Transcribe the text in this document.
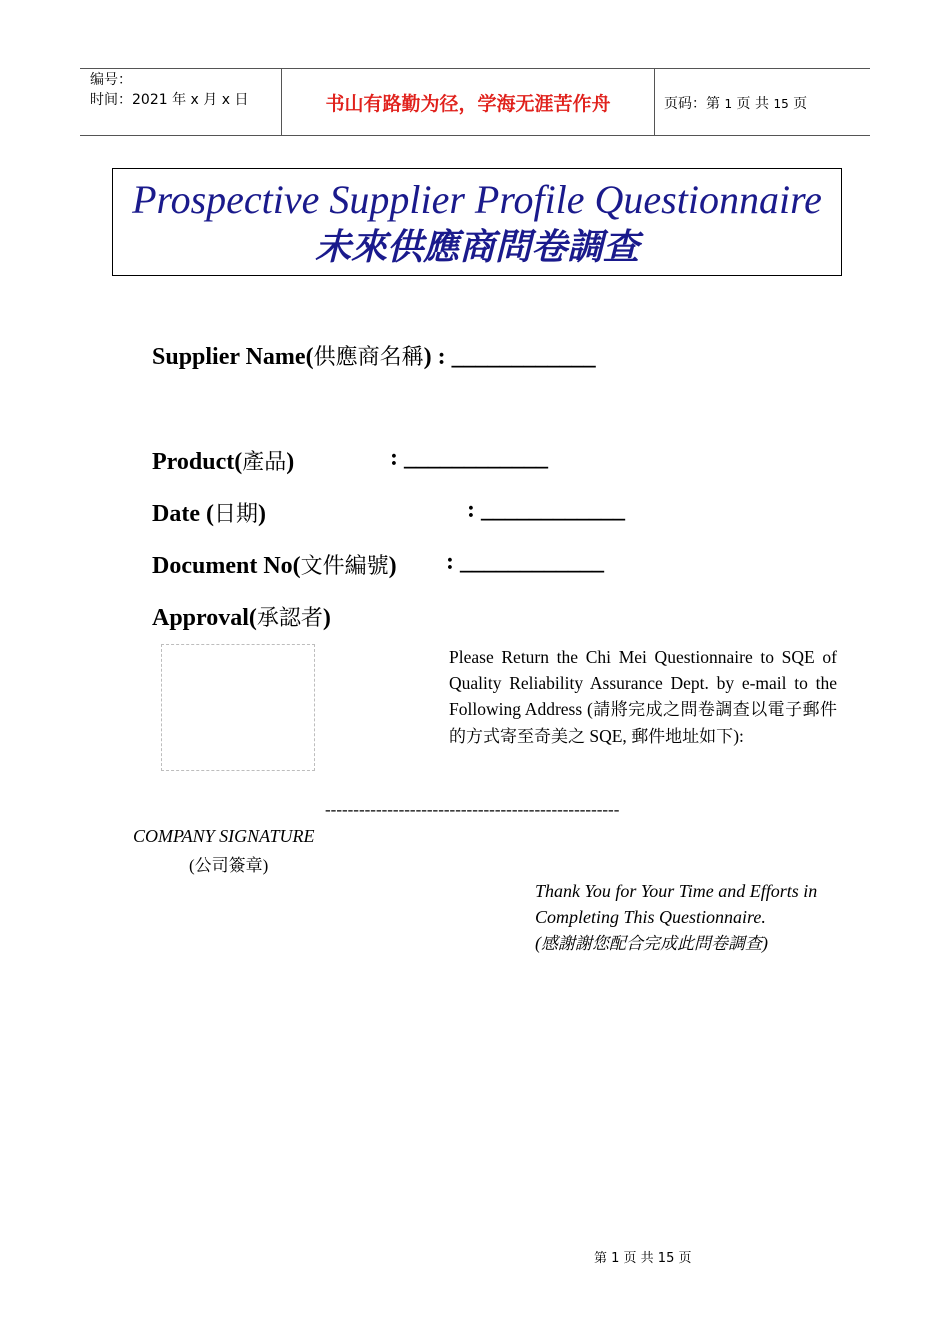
编号：
时间：2021 年 x 月 x 日	书山有路勤为径，学海无涯苦作舟	页码：第 1 页 共 15 页
Prospective Supplier Profile Questionnaire
未來供應商問卷調查
Supplier Name(供應商名稱) : ____________
Product(產品)	: ____________
Date (日期)	: ____________
Document No(文件編號) : ____________
Approval(承認者)
Please Return the Chi Mei Questionnaire to SQE of Quality Reliability Assurance Dept. by e-mail to the Following Address (請將完成之問卷調查以電子郵件的方式寄至奇美之 SQE, 郵件地址如下):
----------------------------------------------------
COMPANY SIGNATURE
(公司簽章)
Thank You for Your Time and Efforts in Completing This Questionnaire.
(感謝謝您配合完成此問卷調查)
第 1 页 共 15 页
